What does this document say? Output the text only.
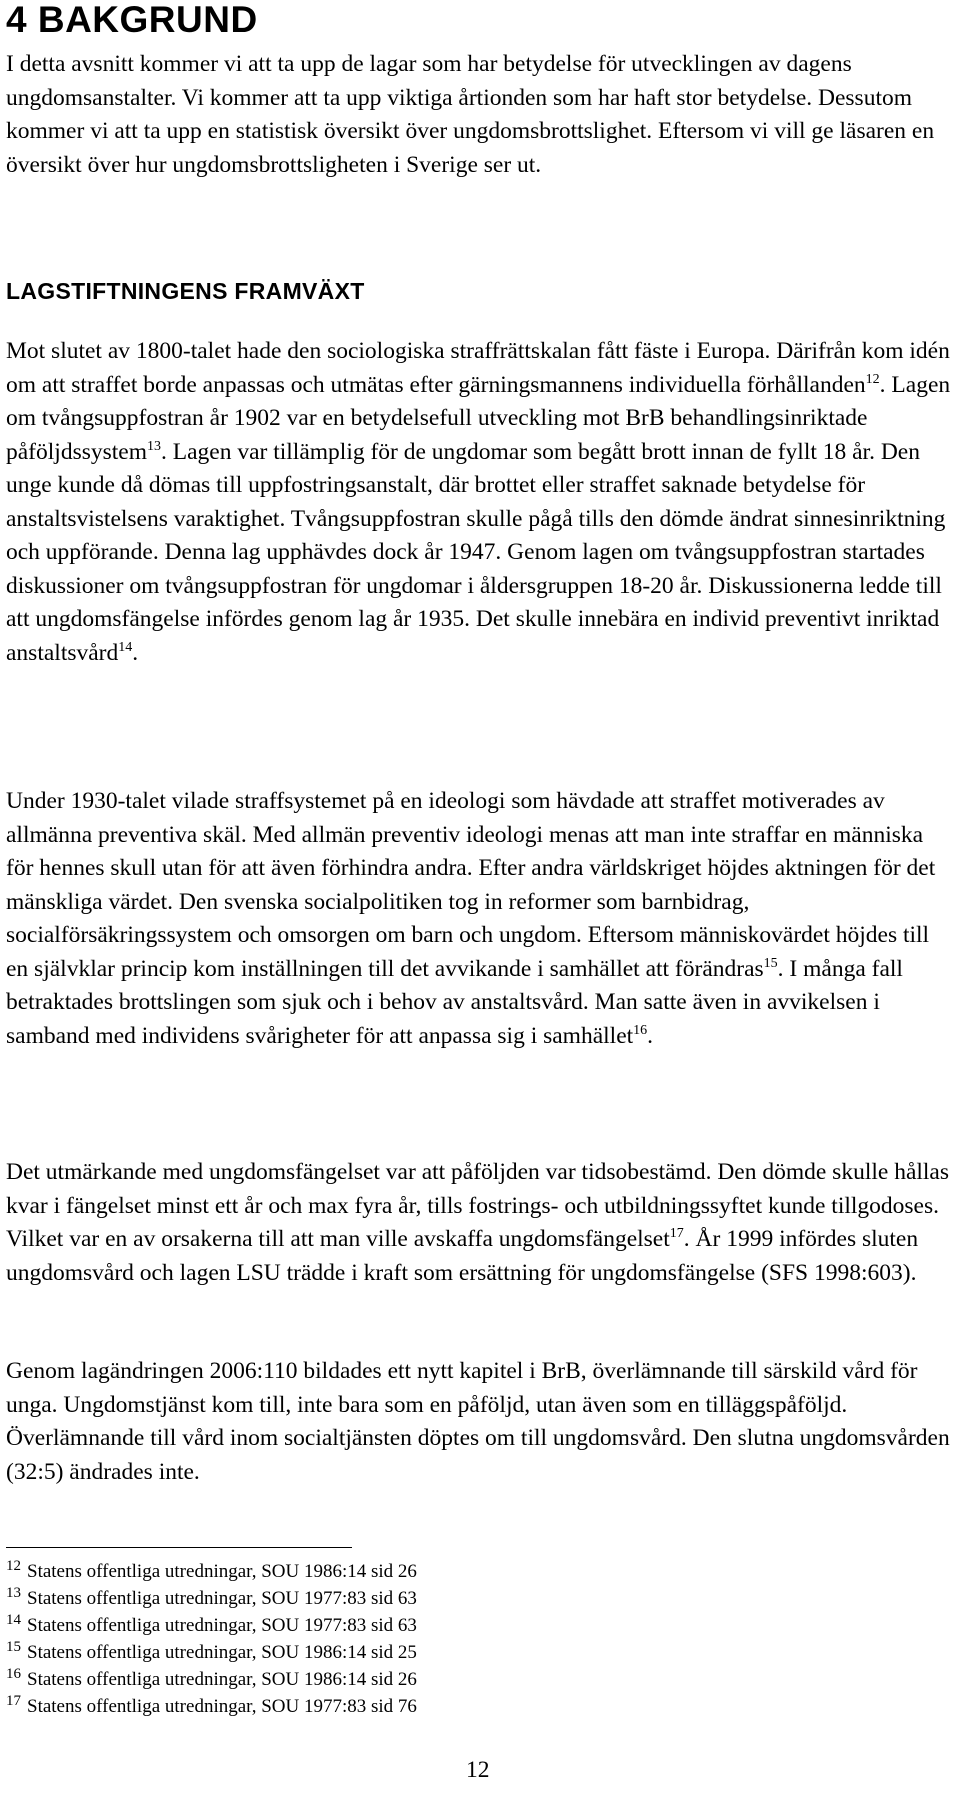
4 BAKGRUND

I detta avsnitt kommer vi att ta upp de lagar som har betydelse för utvecklingen av dagens ungdomsanstalter. Vi kommer att ta upp viktiga årtionden som har haft stor betydelse. Dessutom kommer vi att ta upp en statistisk översikt över ungdomsbrottslighet. Eftersom vi vill ge läsaren en översikt över hur ungdomsbrottsligheten i Sverige ser ut.

LAGSTIFTNINGENS FRAMVÄXT

Mot slutet av 1800-talet hade den sociologiska straffrättskalan fått fäste i Europa. Därifrån kom idén om att straffet borde anpassas och utmätas efter gärningsmannens individuella förhållanden$^{12}$. Lagen om tvångsuppfostran år 1902 var en betydelsefull utveckling mot BrB behandlingsinriktade påföljdssystem$^{13}$. Lagen var tillämplig för de ungdomar som begått brott innan de fyllt 18 år. Den unge kunde då dömas till uppfostringsanstalt, där brottet eller straffet saknade betydelse för anstaltsvistelsens varaktighet. Tvångsuppfostran skulle pågå tills den dömde ändrat sinnesinriktning och uppförande. Denna lag upphävdes dock år 1947. Genom lagen om tvångsuppfostran startades diskussioner om tvångsuppfostran för ungdomar i åldersgruppen 18-20 år. Diskussionerna ledde till att ungdomsfängelse infördes genom lag år 1935. Det skulle innebära en individ preventivt inriktad anstaltsvård$^{14}$.

Under 1930-talet vilade straffsystemet på en ideologi som hävdade att straffet motiverades av allmänna preventiva skäl. Med allmän preventiv ideologi menas att man inte straffar en människa för hennes skull utan för att även förhindra andra. Efter andra världskriget höjdes aktningen för det mänskliga värdet. Den svenska socialpolitiken tog in reformer som barnbidrag, socialförsäkringssystem och omsorgen om barn och ungdom. Eftersom människovärdet höjdes till en självklar princip kom inställningen till det avvikande i samhället att förändras$^{15}$. I många fall betraktades brottslingen som sjuk och i behov av anstaltsvård. Man satte även in avvikelsen i samband med individens svårigheter för att anpassa sig i samhället$^{16}$.

Det utmärkande med ungdomsfängelset var att påföljden var tidsobestämd. Den dömde skulle hållas kvar i fängelset minst ett år och max fyra år, tills fostrings- och utbildningssyftet kunde tillgodoses. Vilket var en av orsakerna till att man ville avskaffa ungdomsfängelset$^{17}$. År 1999 infördes sluten ungdomsvård och lagen LSU trädde i kraft som ersättning för ungdomsfängelse (SFS 1998:603).

Genom lagändringen 2006:110 bildades ett nytt kapitel i BrB, överlämnande till särskild vård för unga. Ungdomstjänst kom till, inte bara som en påföljd, utan även som en tilläggspåföljd. Överlämnande till vård inom socialtjänsten döptes om till ungdomsvård. Den slutna ungdomsvården (32:5) ändrades inte.

$^{12}$ Statens offentliga utredningar, SOU 1986:14 sid 26
$^{13}$ Statens offentliga utredningar, SOU 1977:83 sid 63
$^{14}$ Statens offentliga utredningar, SOU 1977:83 sid 63
$^{15}$ Statens offentliga utredningar, SOU 1986:14 sid 25
$^{16}$ Statens offentliga utredningar, SOU 1986:14 sid 26
$^{17}$ Statens offentliga utredningar, SOU 1977:83 sid 76
12
